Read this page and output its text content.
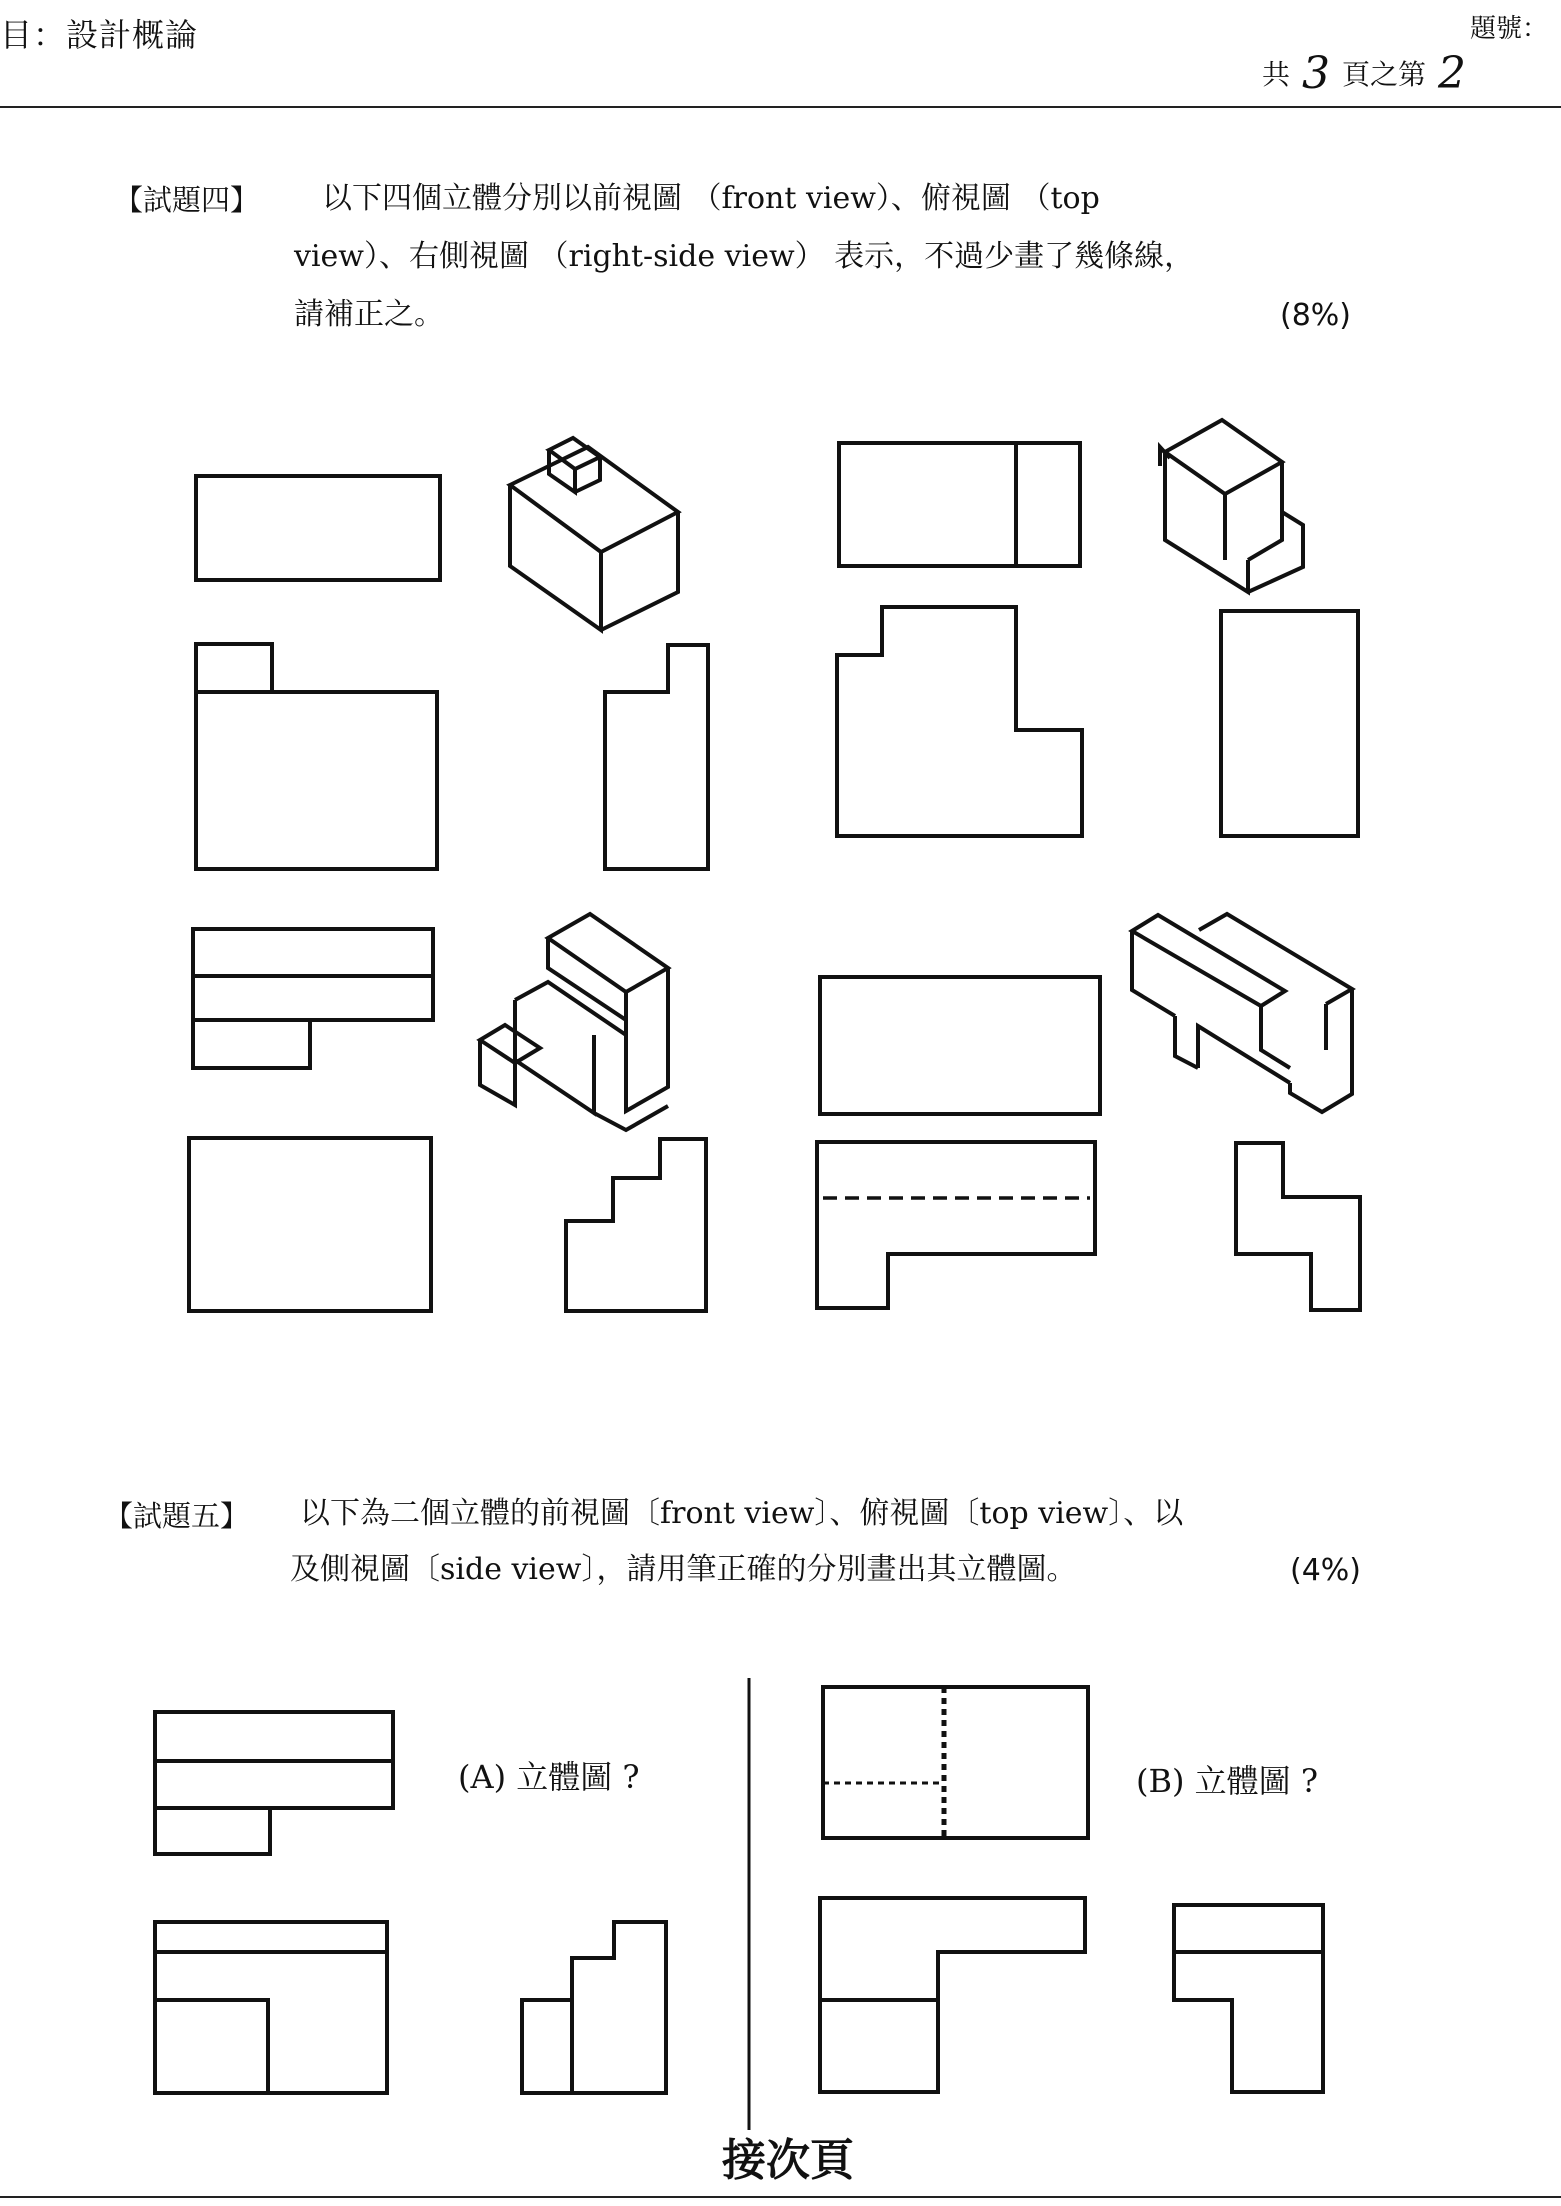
目：設計概論	題號：
共 3 頁之第 2
【試題四】 以下四個立體分別以前視圖 （front view）、俯視圖 （top
view）、右側視圖 （right-side view） 表示，不過少畫了幾條線，
請補正之。	(8%)
【試題五】 以下為二個立體的前視圖〔front view〕、俯視圖〔top view〕、以
及側視圖〔side view〕，請用筆正確的分別畫出其立體圖。	(4%)
(A) 立體圖 ?	(B) 立體圖 ?
接次頁
